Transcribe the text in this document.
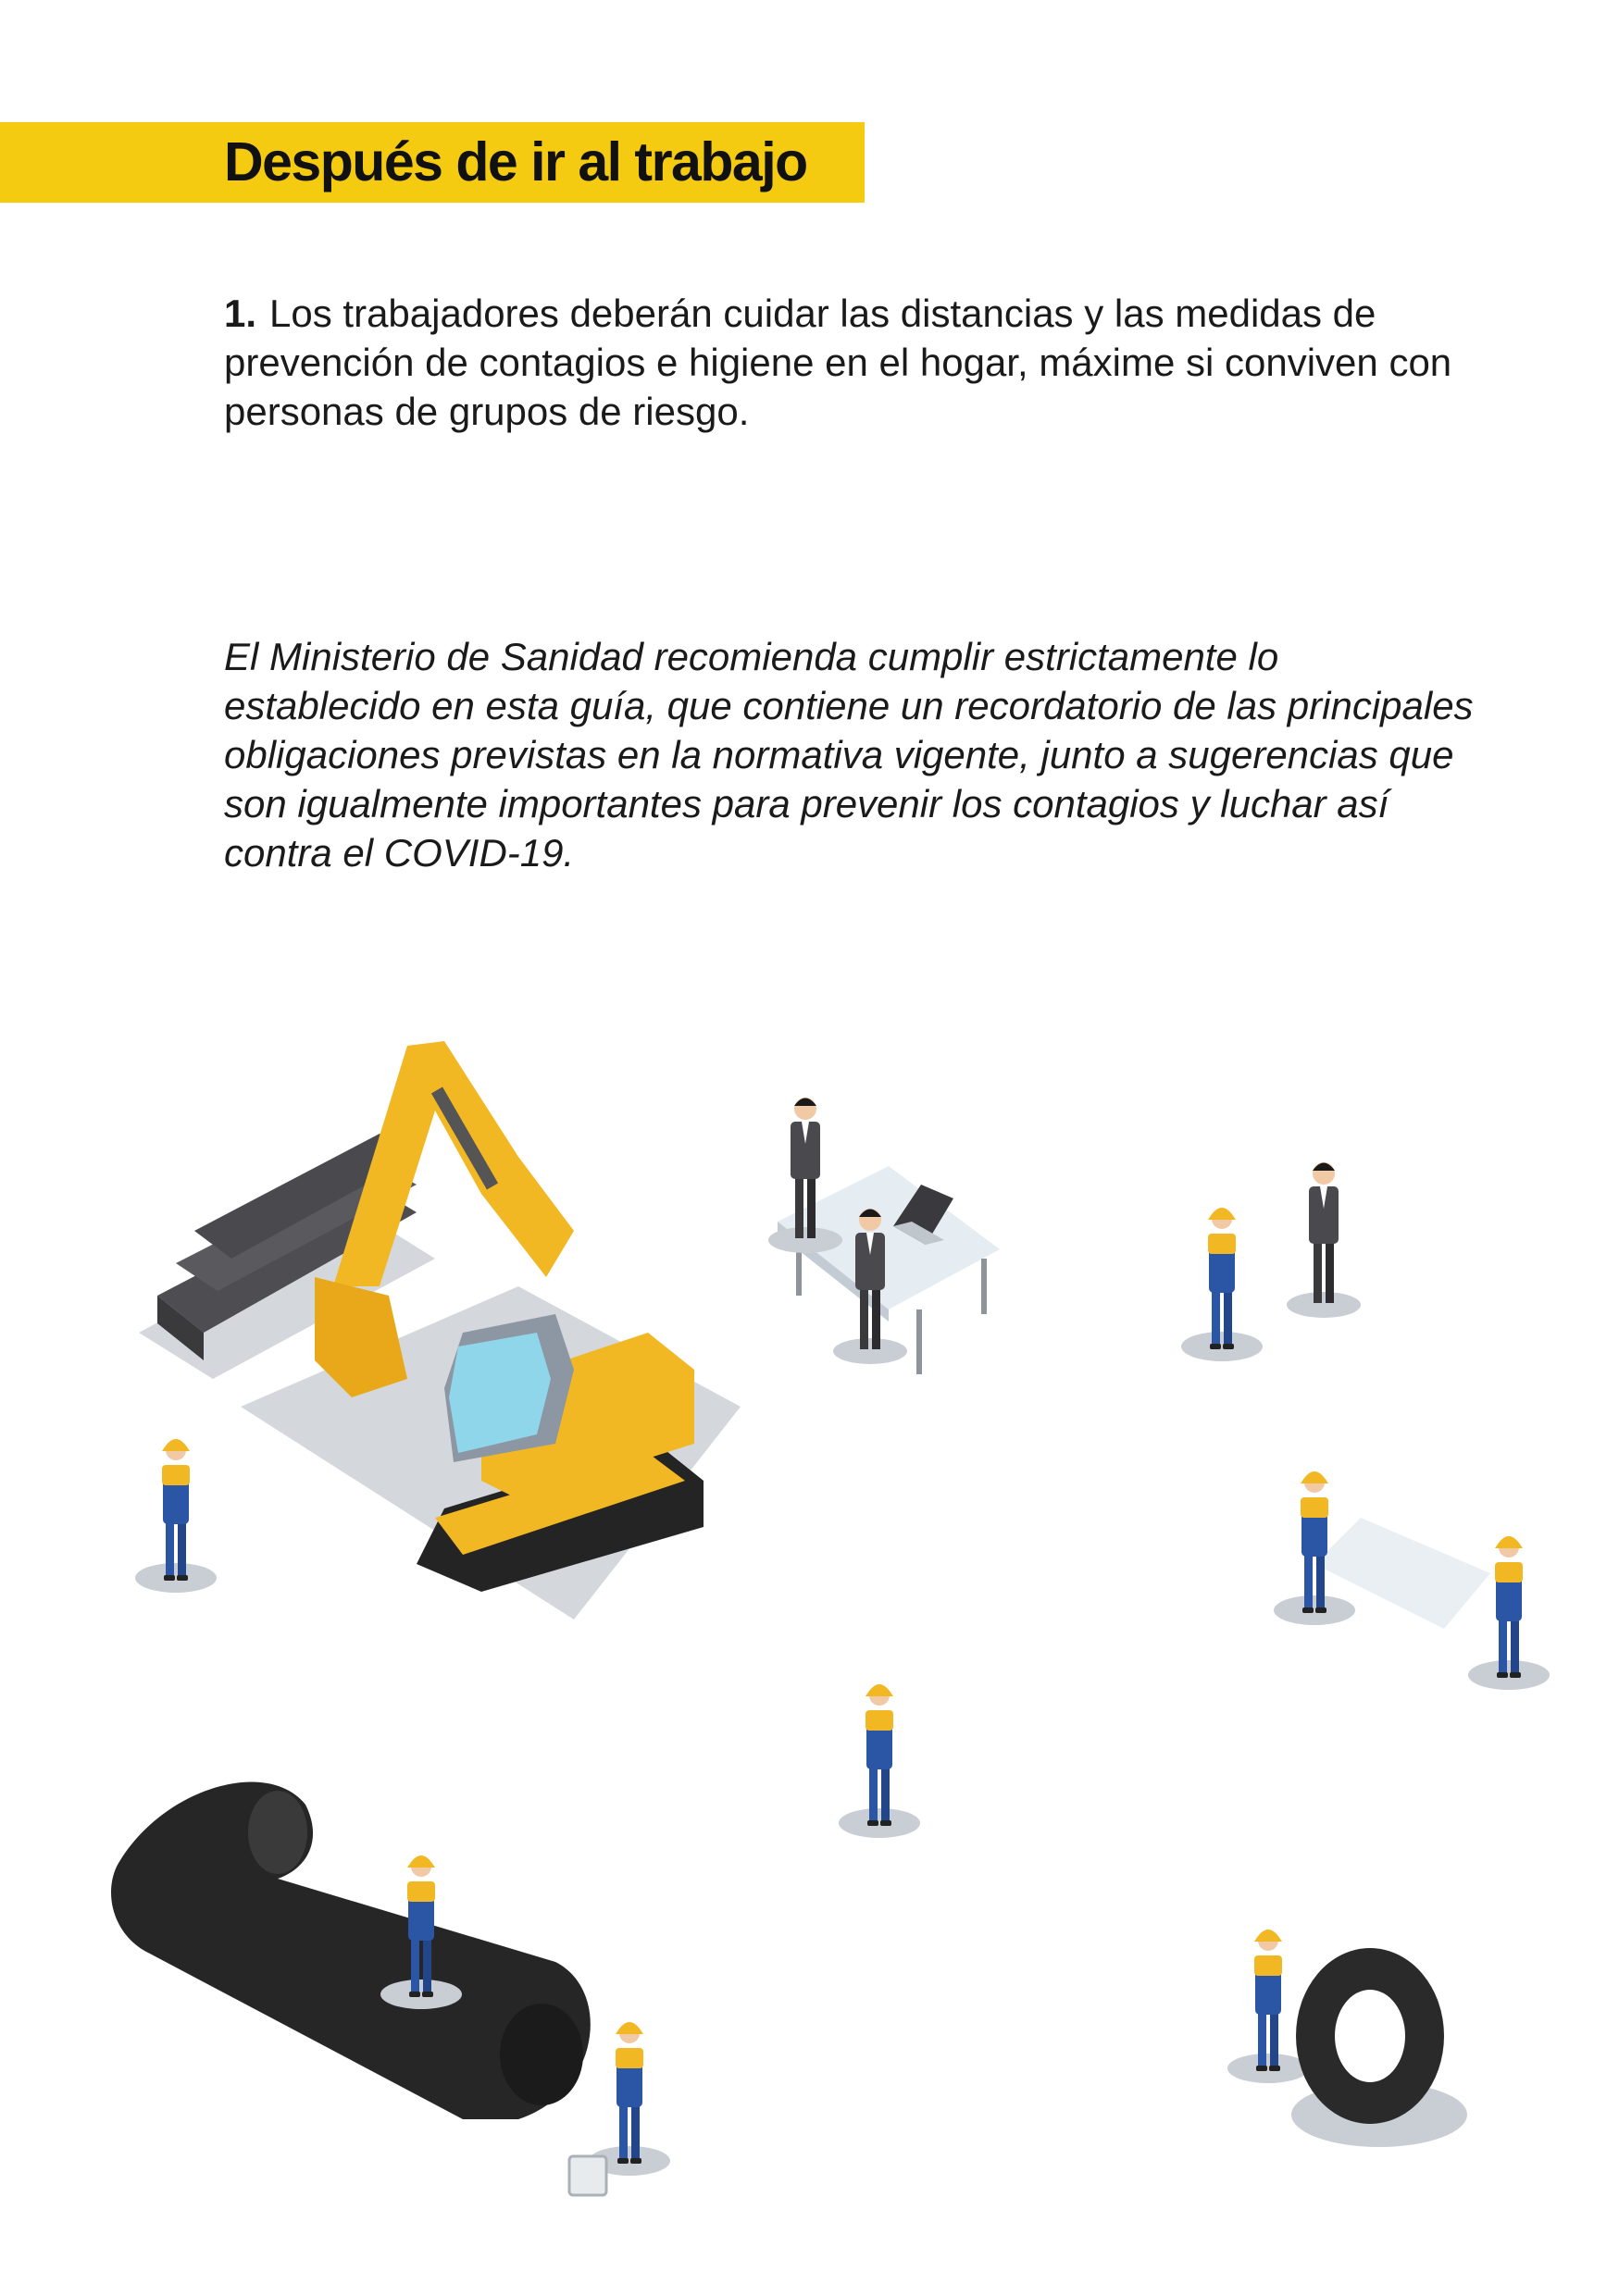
Después de ir al trabajo

1. Los trabajadores deberán cuidar las distancias y las medidas de prevención de contagios e higiene en el hogar, máxime si conviven con personas de grupos de riesgo.

El Ministerio de Sanidad recomienda cumplir estrictamente lo establecido en esta guía, que contiene un recordatorio de las principales obligaciones previstas en la normativa vigente, junto a sugerencias que son igualmente importantes para prevenir los contagios y luchar así contra el COVID-19.
